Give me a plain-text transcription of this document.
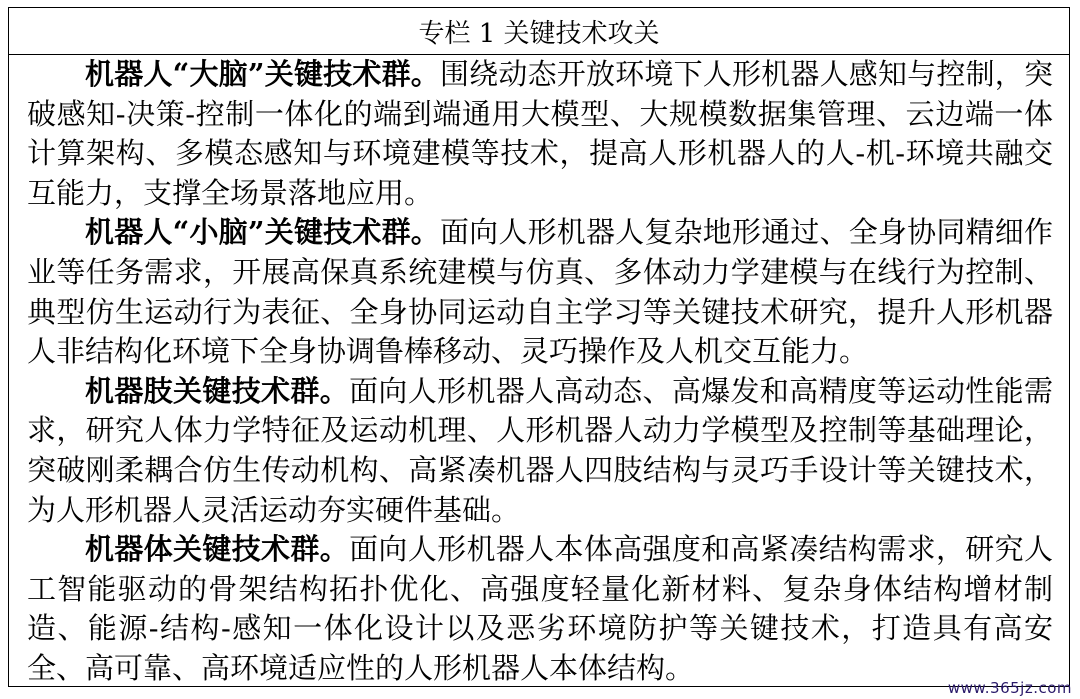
专栏 1 关键技术攻关

机器人“大脑”关键技术群。围绕动态开放环境下人形机器人感知与控制，突破感知-决策-控制一体化的端到端通用大模型、大规模数据集管理、云边端一体计算架构、多模态感知与环境建模等技术，提高人形机器人的人-机-环境共融交互能力，支撑全场景落地应用。

机器人“小脑”关键技术群。面向人形机器人复杂地形通过、全身协同精细作业等任务需求，开展高保真系统建模与仿真、多体动力学建模与在线行为控制、典型仿生运动行为表征、全身协同运动自主学习等关键技术研究，提升人形机器人非结构化环境下全身协调鲁棒移动、灵巧操作及人机交互能力。

机器肢关键技术群。面向人形机器人高动态、高爆发和高精度等运动性能需求，研究人体力学特征及运动机理、人形机器人动力学模型及控制等基础理论，突破刚柔耦合仿生传动机构、高紧凑机器人四肢结构与灵巧手设计等关键技术，为人形机器人灵活运动夯实硬件基础。

机器体关键技术群。面向人形机器人本体高强度和高紧凑结构需求，研究人工智能驱动的骨架结构拓扑优化、高强度轻量化新材料、复杂身体结构增材制造、能源-结构-感知一体化设计以及恶劣环境防护等关键技术，打造具有高安全、高可靠、高环境适应性的人形机器人本体结构。

www.365jz.com
